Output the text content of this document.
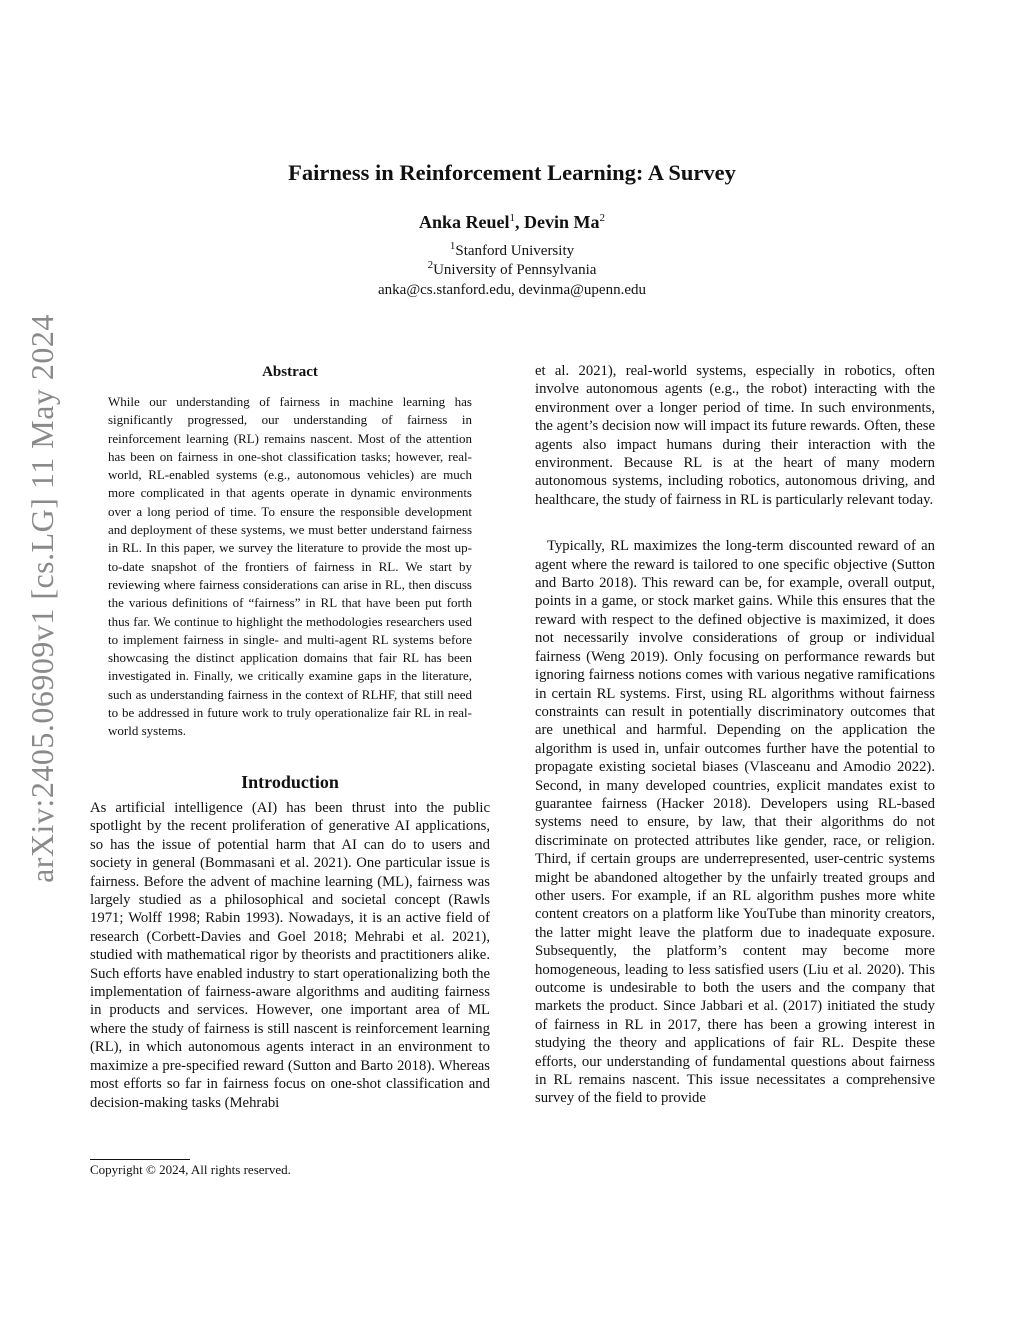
arXiv:2405.06909v1 [cs.LG] 11 May 2024
Fairness in Reinforcement Learning: A Survey
Anka Reuel$^1$, Devin Ma$^2$
$^1$Stanford University
$^2$University of Pennsylvania
anka@cs.stanford.edu, devinma@upenn.edu
Abstract
While our understanding of fairness in machine learning has significantly progressed, our understanding of fairness in reinforcement learning (RL) remains nascent. Most of the attention has been on fairness in one-shot classification tasks; however, real-world, RL-enabled systems (e.g., autonomous vehicles) are much more complicated in that agents operate in dynamic environments over a long period of time. To ensure the responsible development and deployment of these systems, we must better understand fairness in RL. In this paper, we survey the literature to provide the most up-to-date snapshot of the frontiers of fairness in RL. We start by reviewing where fairness considerations can arise in RL, then discuss the various definitions of “fairness” in RL that have been put forth thus far. We continue to highlight the methodologies researchers used to implement fairness in single- and multi-agent RL systems before showcasing the distinct application domains that fair RL has been investigated in. Finally, we critically examine gaps in the literature, such as understanding fairness in the context of RLHF, that still need to be addressed in future work to truly operationalize fair RL in real-world systems.
Introduction
As artificial intelligence (AI) has been thrust into the public spotlight by the recent proliferation of generative AI applications, so has the issue of potential harm that AI can do to users and society in general (Bommasani et al. 2021). One particular issue is fairness. Before the advent of machine learning (ML), fairness was largely studied as a philosophical and societal concept (Rawls 1971; Wolff 1998; Rabin 1993). Nowadays, it is an active field of research (Corbett-Davies and Goel 2018; Mehrabi et al. 2021), studied with mathematical rigor by theorists and practitioners alike. Such efforts have enabled industry to start operationalizing both the implementation of fairness-aware algorithms and auditing fairness in products and services. However, one important area of ML where the study of fairness is still nascent is reinforcement learning (RL), in which autonomous agents interact in an environment to maximize a pre-specified reward (Sutton and Barto 2018). Whereas most efforts so far in fairness focus on one-shot classification and decision-making tasks (Mehrabi
Copyright © 2024, All rights reserved.

et al. 2021), real-world systems, especially in robotics, often involve autonomous agents (e.g., the robot) interacting with the environment over a longer period of time. In such environments, the agent’s decision now will impact its future rewards. Often, these agents also impact humans during their interaction with the environment. Because RL is at the heart of many modern autonomous systems, including robotics, autonomous driving, and healthcare, the study of fairness in RL is particularly relevant today.

Typically, RL maximizes the long-term discounted reward of an agent where the reward is tailored to one specific objective (Sutton and Barto 2018). This reward can be, for example, overall output, points in a game, or stock market gains. While this ensures that the reward with respect to the defined objective is maximized, it does not necessarily involve considerations of group or individual fairness (Weng 2019). Only focusing on performance rewards but ignoring fairness notions comes with various negative ramifications in certain RL systems. First, using RL algorithms without fairness constraints can result in potentially discriminatory outcomes that are unethical and harmful. Depending on the application the algorithm is used in, unfair outcomes further have the potential to propagate existing societal biases (Vlasceanu and Amodio 2022). Second, in many developed countries, explicit mandates exist to guarantee fairness (Hacker 2018). Developers using RL-based systems need to ensure, by law, that their algorithms do not discriminate on protected attributes like gender, race, or religion. Third, if certain groups are underrepresented, user-centric systems might be abandoned altogether by the unfairly treated groups and other users. For example, if an RL algorithm pushes more white content creators on a platform like YouTube than minority creators, the latter might leave the platform due to inadequate exposure. Subsequently, the platform’s content may become more homogeneous, leading to less satisfied users (Liu et al. 2020). This outcome is undesirable to both the users and the company that markets the product. Since Jabbari et al. (2017) initiated the study of fairness in RL in 2017, there has been a growing interest in studying the theory and applications of fair RL. Despite these efforts, our understanding of fundamental questions about fairness in RL remains nascent. This issue necessitates a comprehensive survey of the field to provide
